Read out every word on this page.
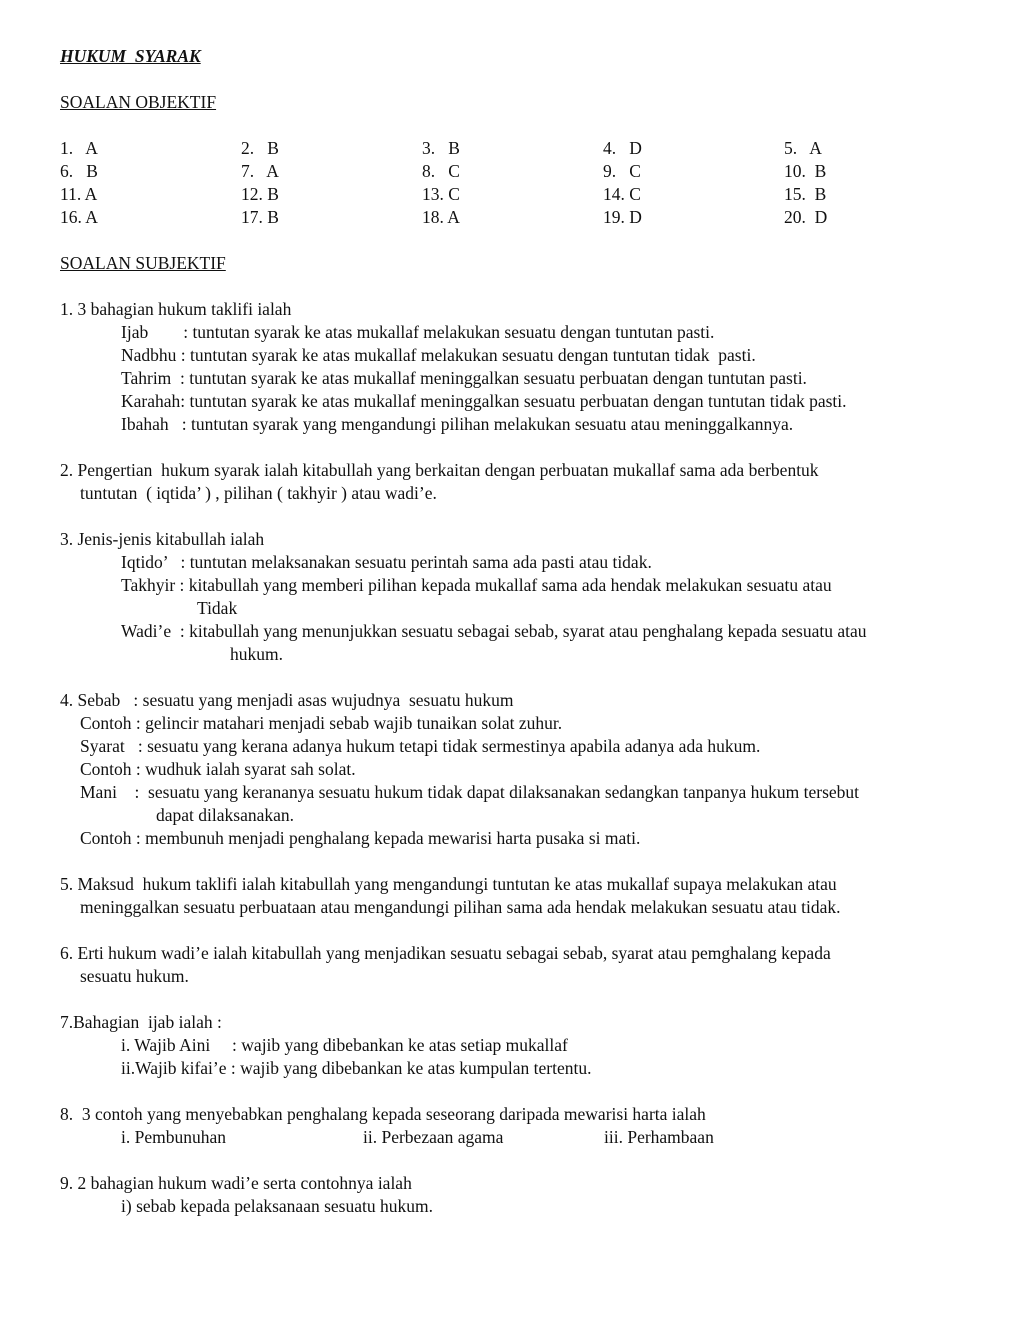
HUKUM  SYARAK
SOALAN OBJEKTIF
1.   A	2.   B	3.   B	4.   D	5.   A
6.   B	7.   A	8.   C	9.   C	10.  B
11. A	12. B	13. C	14. C	15.  B
16. A	17. B	18. A	19. D	20.  D
SOALAN SUBJEKTIF
1. 3 bahagian hukum taklifi ialah
Ijab        : tuntutan syarak ke atas mukallaf melakukan sesuatu dengan tuntutan pasti.
Nadbhu : tuntutan syarak ke atas mukallaf melakukan sesuatu dengan tuntutan tidak  pasti.
Tahrim  : tuntutan syarak ke atas mukallaf meninggalkan sesuatu perbuatan dengan tuntutan pasti.
Karahah: tuntutan syarak ke atas mukallaf meninggalkan sesuatu perbuatan dengan tuntutan tidak pasti.
Ibahah   : tuntutan syarak yang mengandungi pilihan melakukan sesuatu atau meninggalkannya.
2. Pengertian  hukum syarak ialah kitabullah yang berkaitan dengan perbuatan mukallaf sama ada berbentuk
tuntutan  ( iqtida’ ) , pilihan ( takhyir ) atau wadi’e.
3. Jenis-jenis kitabullah ialah
Iqtido’   : tuntutan melaksanakan sesuatu perintah sama ada pasti atau tidak.
Takhyir : kitabullah yang memberi pilihan kepada mukallaf sama ada hendak melakukan sesuatu atau
Tidak
Wadi’e  : kitabullah yang menunjukkan sesuatu sebagai sebab, syarat atau penghalang kepada sesuatu atau
hukum.
4. Sebab   : sesuatu yang menjadi asas wujudnya  sesuatu hukum
Contoh : gelincir matahari menjadi sebab wajib tunaikan solat zuhur.
Syarat   : sesuatu yang kerana adanya hukum tetapi tidak sermestinya apabila adanya ada hukum.
Contoh : wudhuk ialah syarat sah solat.
Mani    :  sesuatu yang kerananya sesuatu hukum tidak dapat dilaksanakan sedangkan tanpanya hukum tersebut
dapat dilaksanakan.
Contoh : membunuh menjadi penghalang kepada mewarisi harta pusaka si mati.
5. Maksud  hukum taklifi ialah kitabullah yang mengandungi tuntutan ke atas mukallaf supaya melakukan atau
meninggalkan sesuatu perbuataan atau mengandungi pilihan sama ada hendak melakukan sesuatu atau tidak.
6. Erti hukum wadi’e ialah kitabullah yang menjadikan sesuatu sebagai sebab, syarat atau pemghalang kepada
sesuatu hukum.
7.Bahagian  ijab ialah :
i. Wajib Aini     : wajib yang dibebankan ke atas setiap mukallaf
ii.Wajib kifai’e : wajib yang dibebankan ke atas kumpulan tertentu.
8.  3 contoh yang menyebabkan penghalang kepada seseorang daripada mewarisi harta ialah
i. Pembunuhan	ii. Perbezaan agama	iii. Perhambaan
9. 2 bahagian hukum wadi’e serta contohnya ialah
i) sebab kepada pelaksanaan sesuatu hukum.
